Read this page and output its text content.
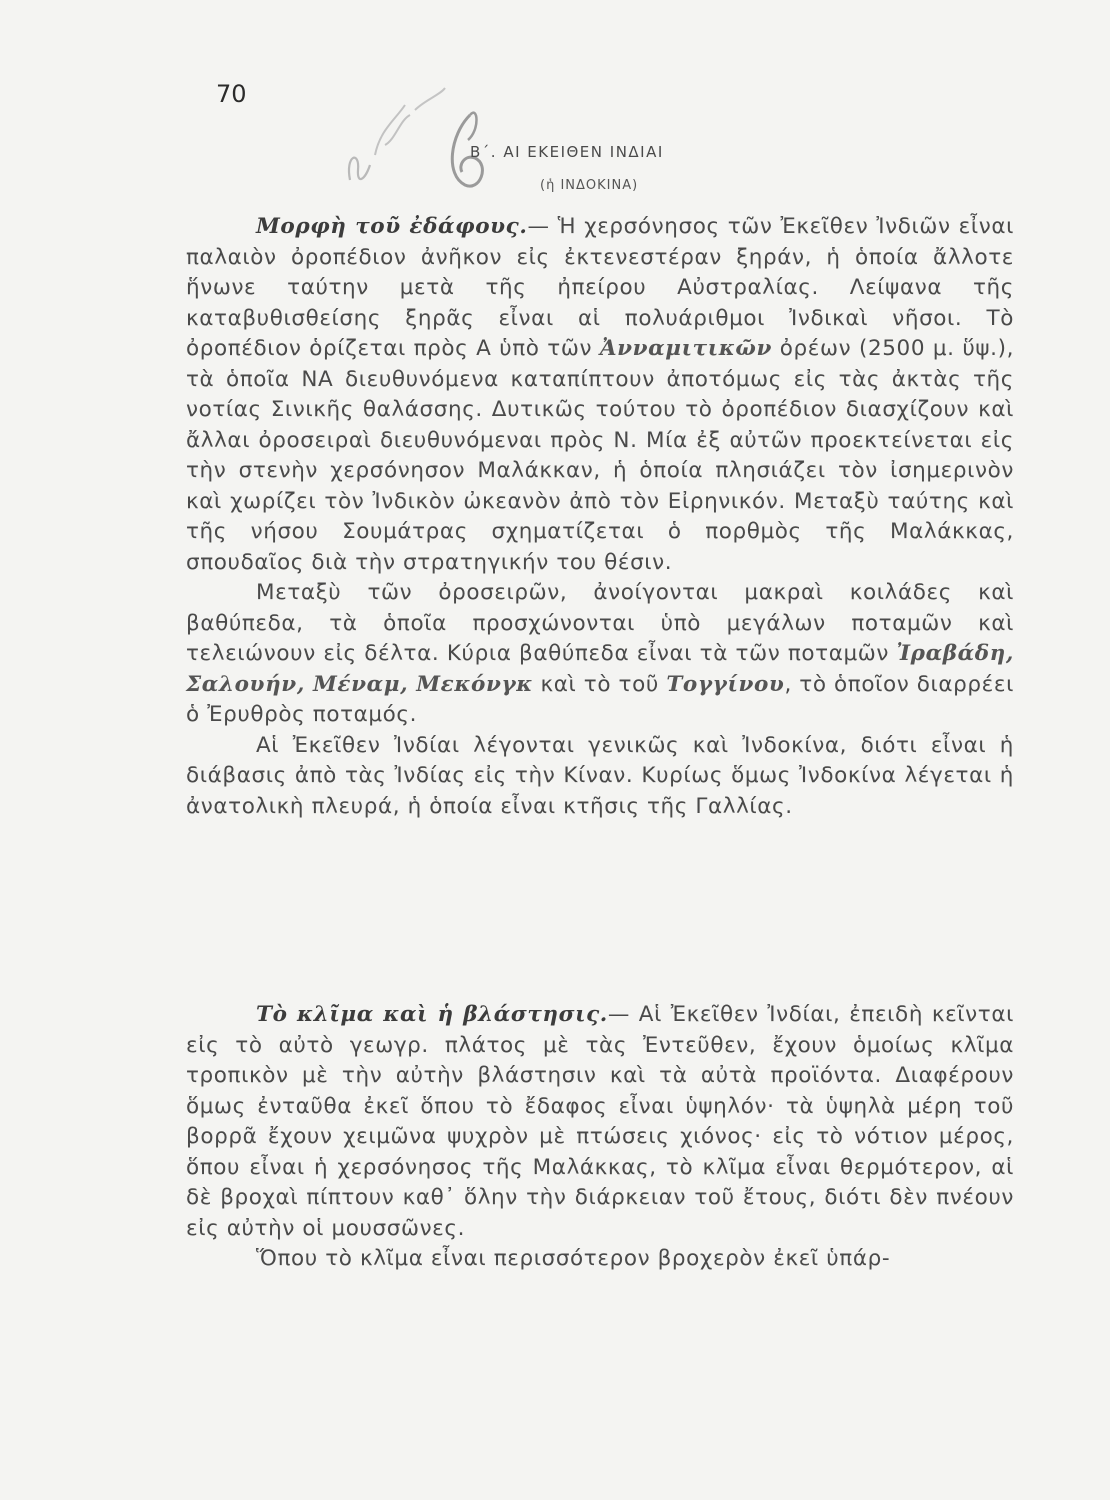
70
Β΄. ΑΙ ΕΚΕΙΘΕΝ ΙΝΔΙΑΙ
(ἡ ΙΝΔΟΚΙΝΑ)

Μορφὴ τοῦ ἐδάφους.— Ἡ χερσόνησος τῶν Ἐκεῖθεν Ἰνδιῶν εἶναι παλαιὸν ὀροπέδιον ἀνῆκον εἰς ἐκτενεστέραν ξηράν, ἡ ὁποία ἄλλοτε ἥνωνε ταύτην μετὰ τῆς ἠπείρου Αὐστραλίας. Λείψανα τῆς καταβυθισθείσης ξηρᾶς εἶναι αἱ πολυάριθμοι Ἰνδικαὶ νῆσοι. Τὸ ὀροπέδιον ὁρίζεται πρὸς Α ὑπὸ τῶν Ἀνναμιτικῶν ὀρέων (2500 μ. ὕψ.), τὰ ὁποῖα ΝΑ διευθυνόμενα καταπίπτουν ἀποτόμως εἰς τὰς ἀκτὰς τῆς νοτίας Σινικῆς θαλάσσης. Δυτικῶς τούτου τὸ ὀροπέδιον διασχίζουν καὶ ἄλλαι ὀροσειραὶ διευθυνόμεναι πρὸς Ν. Μία ἐξ αὐτῶν προεκτείνεται εἰς τὴν στενὴν χερσόνησον Μαλάκκαν, ἡ ὁποία πλησιάζει τὸν ἰσημερινὸν καὶ χωρίζει τὸν Ἰνδικὸν ὠκεανὸν ἀπὸ τὸν Εἰρηνικόν. Μεταξὺ ταύτης καὶ τῆς νήσου Σουμάτρας σχηματίζεται ὁ πορθμὸς τῆς Μαλάκκας, σπουδαῖος διὰ τὴν στρατηγικήν του θέσιν.

Μεταξὺ τῶν ὀροσειρῶν, ἀνοίγονται μακραὶ κοιλάδες καὶ βαθύπεδα, τὰ ὁποῖα προσχώνονται ὑπὸ μεγάλων ποταμῶν καὶ τελειώνουν εἰς δέλτα. Κύρια βαθύπεδα εἶναι τὰ τῶν ποταμῶν Ἰραβάδη, Σαλουήν, Μέναμ, Μεκόνγκ καὶ τὸ τοῦ Τογγίνου, τὸ ὁποῖον διαρρέει ὁ Ἐρυθρὸς ποταμός.

Αἱ Ἐκεῖθεν Ἰνδίαι λέγονται γενικῶς καὶ Ἰνδοκίνα, διότι εἶναι ἡ διάβασις ἀπὸ τὰς Ἰνδίας εἰς τὴν Κίναν. Κυρίως ὅμως Ἰνδοκίνα λέγεται ἡ ἀνατολικὴ πλευρά, ἡ ὁποία εἶναι κτῆσις τῆς Γαλλίας.

Τὸ κλῖμα καὶ ἡ βλάστησις.— Αἱ Ἐκεῖθεν Ἰνδίαι, ἐπειδὴ κεῖνται εἰς τὸ αὐτὸ γεωγρ. πλάτος μὲ τὰς Ἐντεῦθεν, ἔχουν ὁμοίως κλῖμα τροπικὸν μὲ τὴν αὐτὴν βλάστησιν καὶ τὰ αὐτὰ προϊόντα. Διαφέρουν ὅμως ἐνταῦθα ἐκεῖ ὅπου τὸ ἔδαφος εἶναι ὑψηλόν· τὰ ὑψηλὰ μέρη τοῦ βορρᾶ ἔχουν χειμῶνα ψυχρὸν μὲ πτώσεις χιόνος· εἰς τὸ νότιον μέρος, ὅπου εἶναι ἡ χερσόνησος τῆς Μαλάκκας, τὸ κλῖμα εἶναι θερμότερον, αἱ δὲ βροχαὶ πίπτουν καθ᾽ ὅλην τὴν διάρκειαν τοῦ ἔτους, διότι δὲν πνέουν εἰς αὐτὴν οἱ μουσσῶνες.

Ὅπου τὸ κλῖμα εἶναι περισσότερον βροχερὸν ἐκεῖ ὑπάρ-
